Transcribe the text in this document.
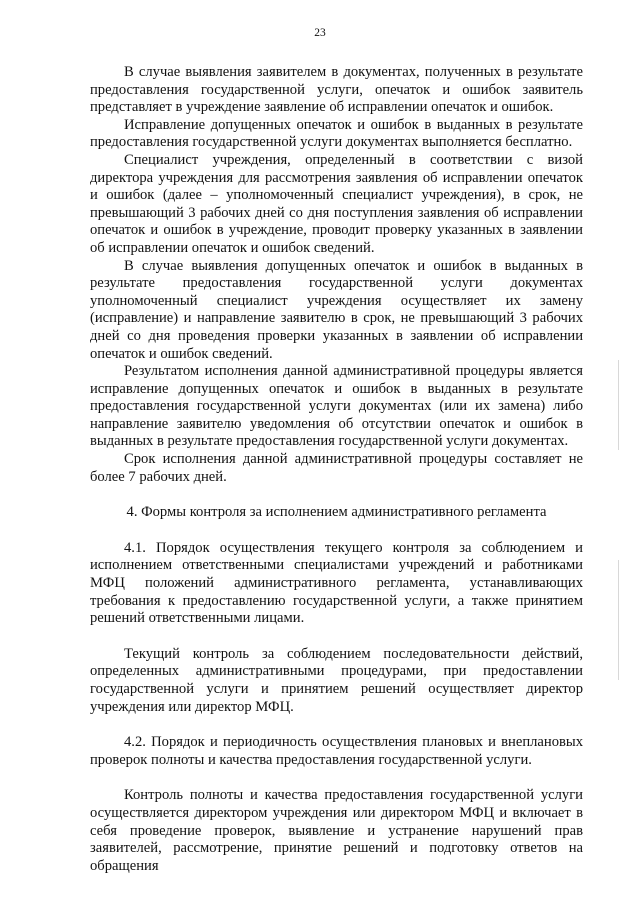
23

В случае выявления заявителем в документах, полученных в результате предоставления государственной услуги, опечаток и ошибок заявитель представляет в учреждение заявление об исправлении опечаток и ошибок.

Исправление допущенных опечаток и ошибок в выданных в результате предоставления государственной услуги документах выполняется бесплатно.

Специалист учреждения, определенный в соответствии с визой директора учреждения для рассмотрения заявления об исправлении опечаток и ошибок (далее – уполномоченный специалист учреждения), в срок, не превышающий 3 рабочих дней со дня поступления заявления об исправлении опечаток и ошибок в учреждение, проводит проверку указанных в заявлении об исправлении опечаток и ошибок сведений.

В случае выявления допущенных опечаток и ошибок в выданных в результате предоставления государственной услуги документах уполномоченный специалист учреждения осуществляет их замену (исправление) и направление заявителю в срок, не превышающий 3 рабочих дней со дня проведения проверки указанных в заявлении об исправлении опечаток и ошибок сведений.

Результатом исполнения данной административной процедуры является исправление допущенных опечаток и ошибок в выданных в результате предоставления государственной услуги документах (или их замена) либо направление заявителю уведомления об отсутствии опечаток и ошибок в выданных в результате предоставления государственной услуги документах.

Срок исполнения данной административной процедуры составляет не более 7 рабочих дней.

4. Формы контроля за исполнением административного регламента

4.1. Порядок осуществления текущего контроля за соблюдением и исполнением ответственными специалистами учреждений и работниками МФЦ положений административного регламента, устанавливающих требования к предоставлению государственной услуги, а также принятием решений ответственными лицами.

Текущий контроль за соблюдением последовательности действий, определенных административными процедурами, при предоставлении государственной услуги и принятием решений осуществляет директор учреждения или директор МФЦ.

4.2. Порядок и периодичность осуществления плановых и внеплановых проверок полноты и качества предоставления государственной услуги.

Контроль полноты и качества предоставления государственной услуги осуществляется директором учреждения или директором МФЦ и включает в себя проведение проверок, выявление и устранение нарушений прав заявителей, рассмотрение, принятие решений и подготовку ответов на обращения
